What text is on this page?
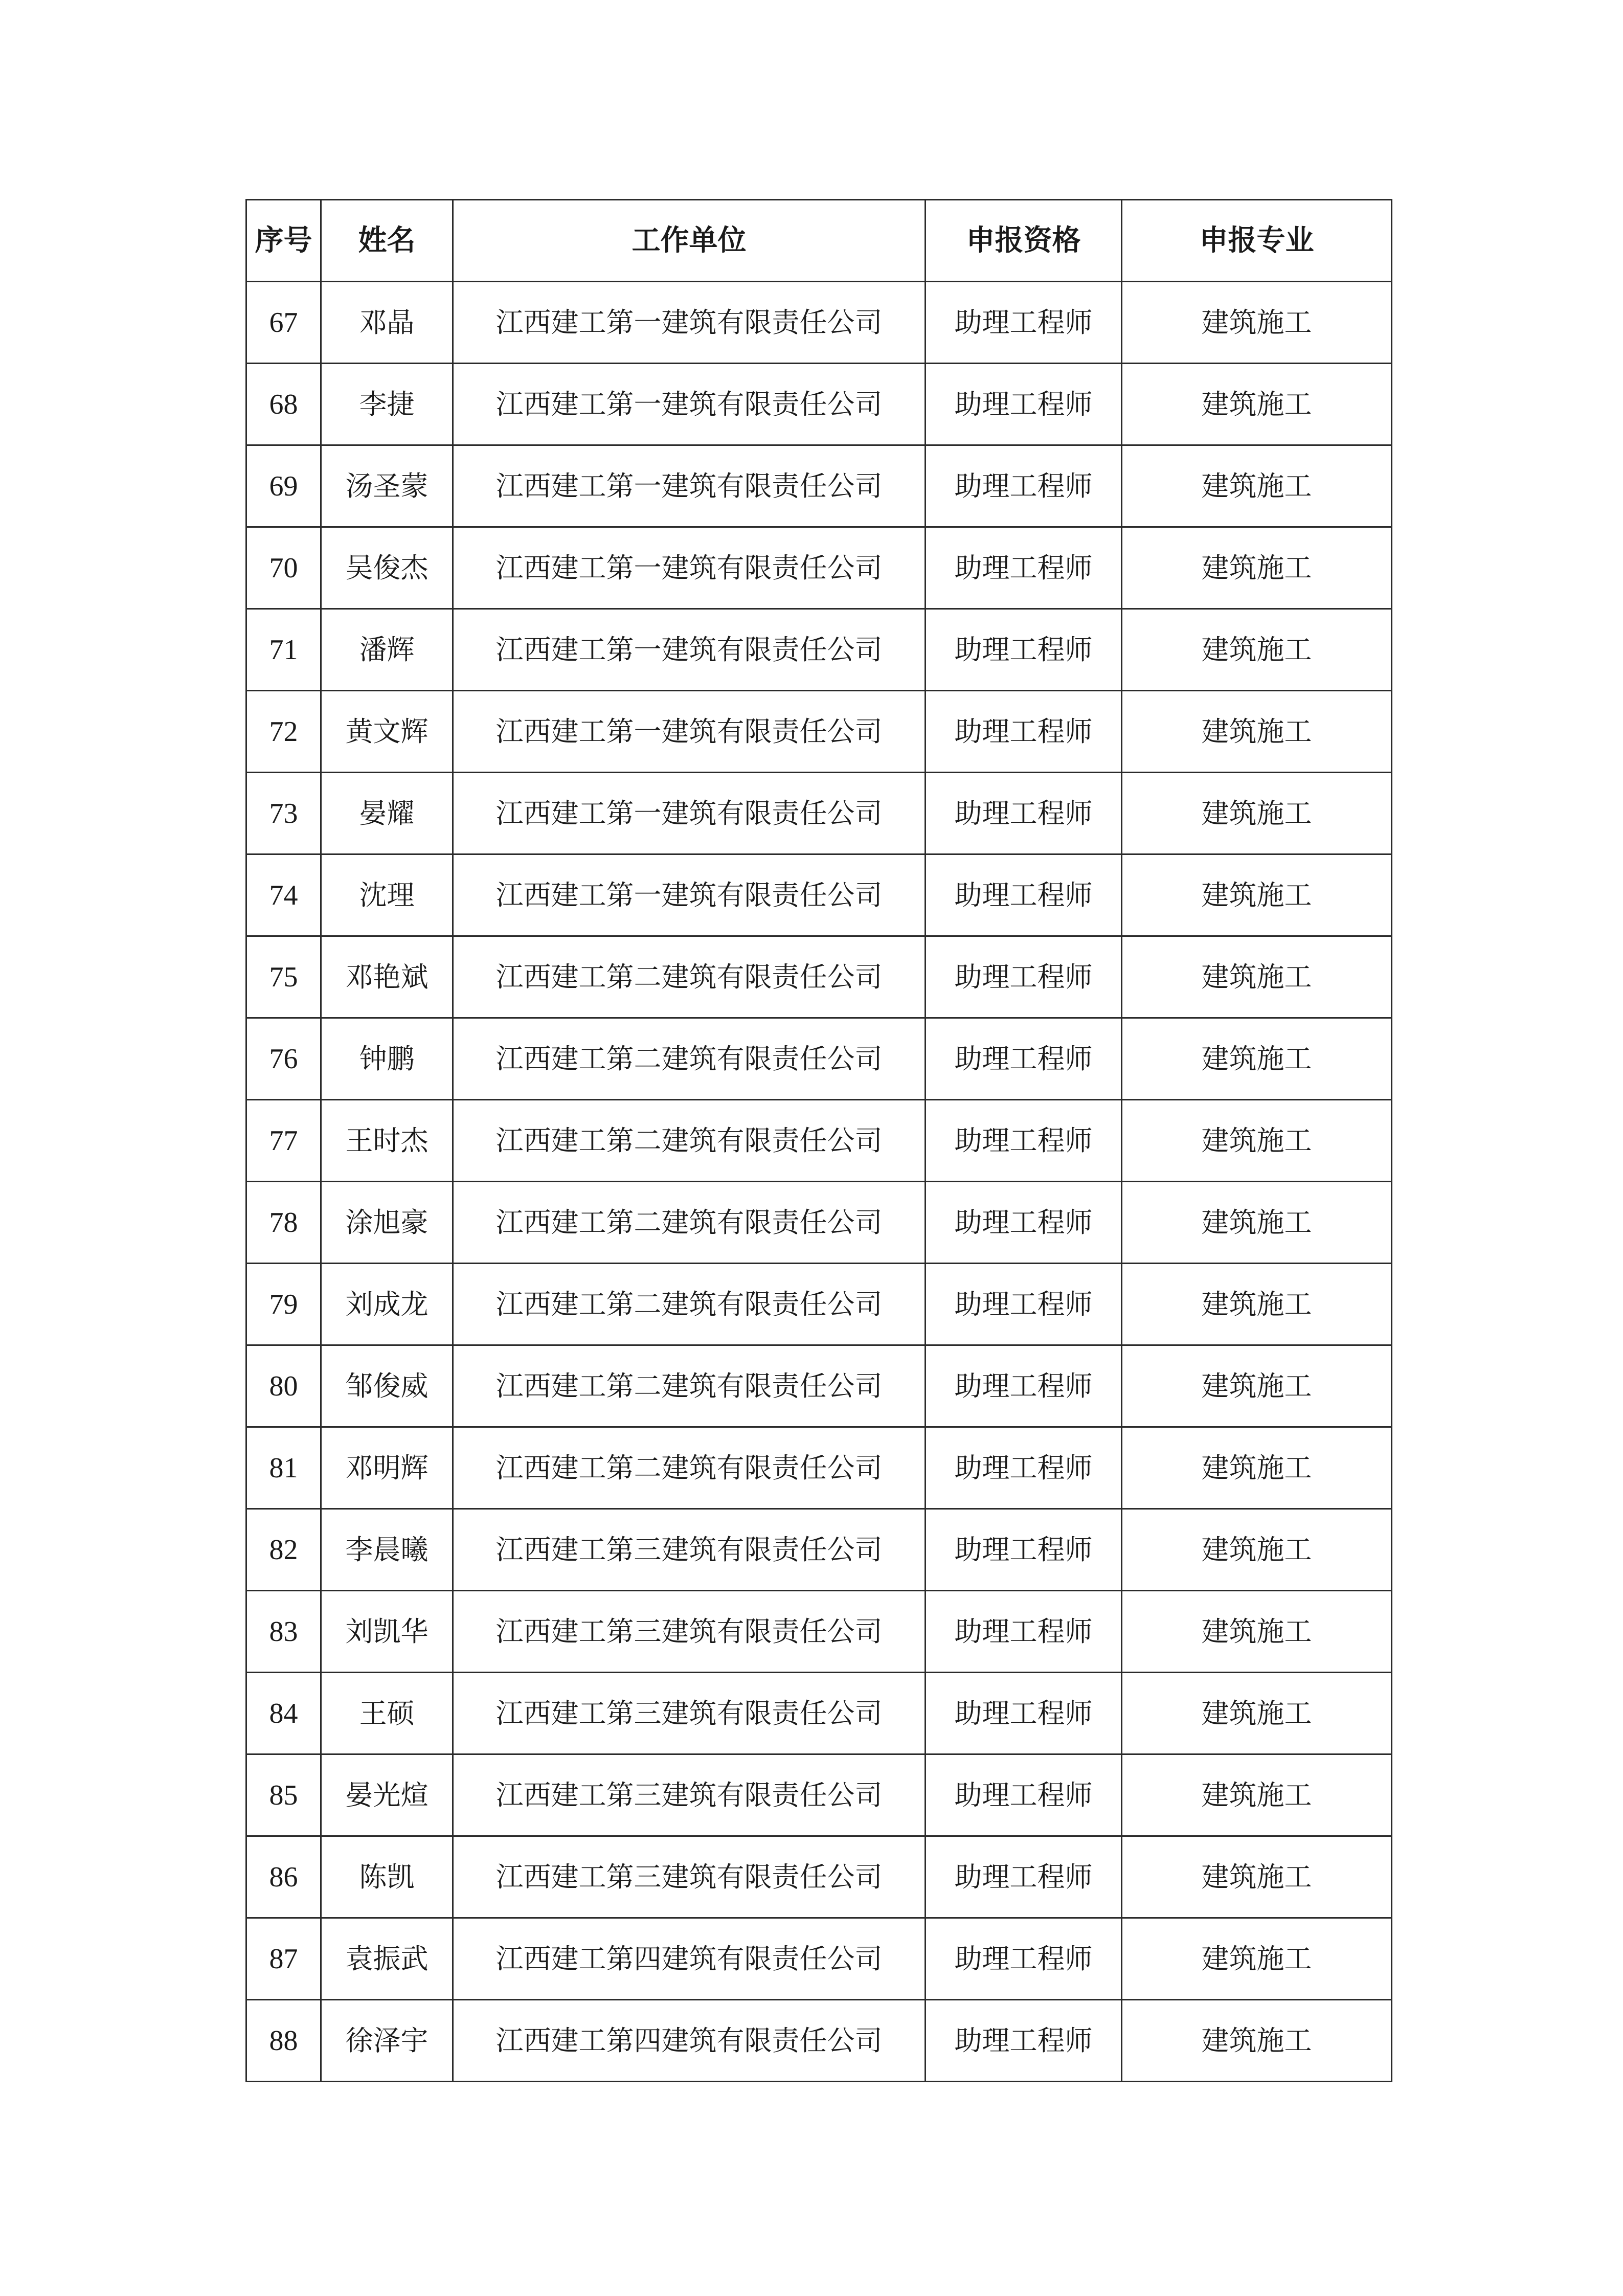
序号	姓名	工作单位	申报资格	申报专业
67	邓晶	江西建工第一建筑有限责任公司	助理工程师	建筑施工
68	李捷	江西建工第一建筑有限责任公司	助理工程师	建筑施工
69	汤圣蒙	江西建工第一建筑有限责任公司	助理工程师	建筑施工
70	吴俊杰	江西建工第一建筑有限责任公司	助理工程师	建筑施工
71	潘辉	江西建工第一建筑有限责任公司	助理工程师	建筑施工
72	黄文辉	江西建工第一建筑有限责任公司	助理工程师	建筑施工
73	晏耀	江西建工第一建筑有限责任公司	助理工程师	建筑施工
74	沈理	江西建工第一建筑有限责任公司	助理工程师	建筑施工
75	邓艳斌	江西建工第二建筑有限责任公司	助理工程师	建筑施工
76	钟鹏	江西建工第二建筑有限责任公司	助理工程师	建筑施工
77	王时杰	江西建工第二建筑有限责任公司	助理工程师	建筑施工
78	涂旭豪	江西建工第二建筑有限责任公司	助理工程师	建筑施工
79	刘成龙	江西建工第二建筑有限责任公司	助理工程师	建筑施工
80	邹俊威	江西建工第二建筑有限责任公司	助理工程师	建筑施工
81	邓明辉	江西建工第二建筑有限责任公司	助理工程师	建筑施工
82	李晨曦	江西建工第三建筑有限责任公司	助理工程师	建筑施工
83	刘凯华	江西建工第三建筑有限责任公司	助理工程师	建筑施工
84	王硕	江西建工第三建筑有限责任公司	助理工程师	建筑施工
85	晏光煊	江西建工第三建筑有限责任公司	助理工程师	建筑施工
86	陈凯	江西建工第三建筑有限责任公司	助理工程师	建筑施工
87	袁振武	江西建工第四建筑有限责任公司	助理工程师	建筑施工
88	徐泽宇	江西建工第四建筑有限责任公司	助理工程师	建筑施工
